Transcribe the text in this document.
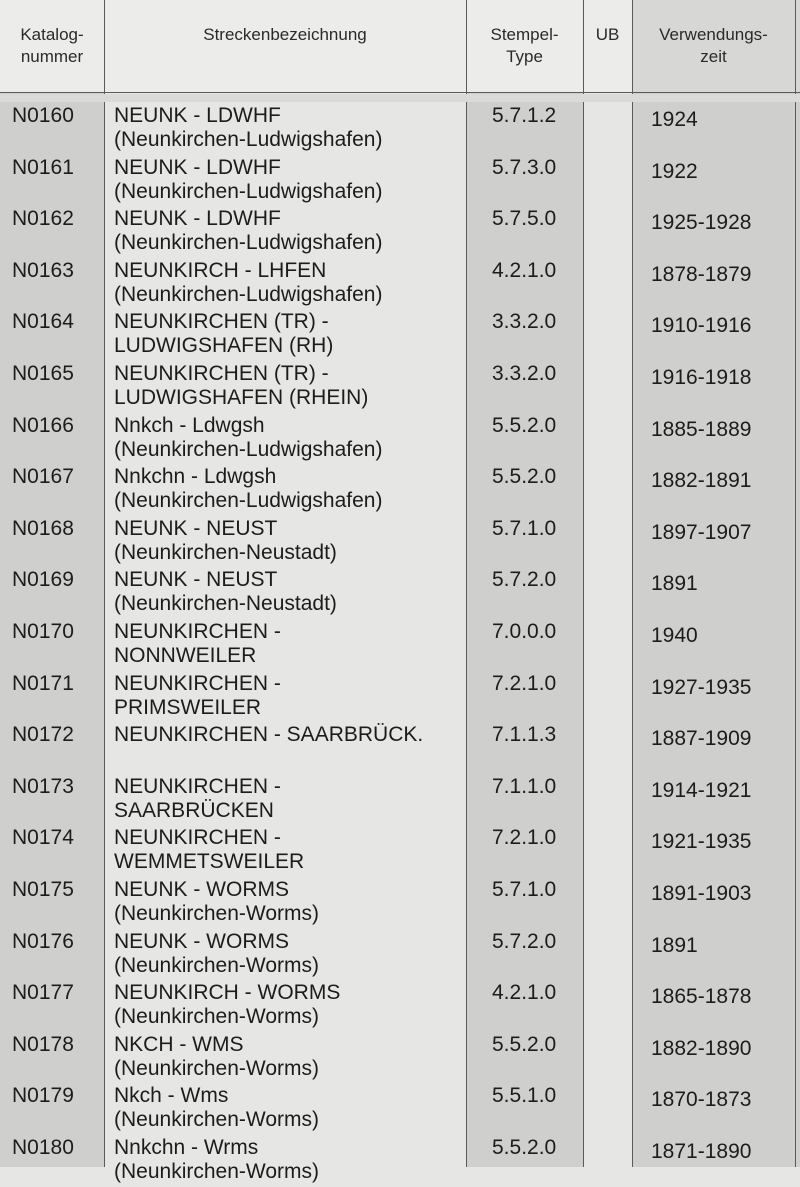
Katalog-
nummer
Streckenbezeichnung	Stempel-
Type
UB Verwendungs-
zeit
N0160 NEUNK - LDWHF
(Neunkirchen-Ludwigshafen)
5.7.1.2	1924
N0161 NEUNK - LDWHF
(Neunkirchen-Ludwigshafen)
5.7.3.0	1922
N0162 NEUNK - LDWHF
(Neunkirchen-Ludwigshafen)
5.7.5.0	1925-1928
N0163 NEUNKIRCH - LHFEN
(Neunkirchen-Ludwigshafen)
4.2.1.0	1878-1879
N0164 NEUNKIRCHEN (TR) -
LUDWIGSHAFEN (RH)
3.3.2.0	1910-1916
N0165 NEUNKIRCHEN (TR) -
LUDWIGSHAFEN (RHEIN)
3.3.2.0	1916-1918
N0166 Nnkch - Ldwgsh
(Neunkirchen-Ludwigshafen)
5.5.2.0	1885-1889
N0167 Nnkchn - Ldwgsh
(Neunkirchen-Ludwigshafen)
5.5.2.0	1882-1891
N0168 NEUNK - NEUST
(Neunkirchen-Neustadt)
5.7.1.0	1897-1907
N0169 NEUNK - NEUST
(Neunkirchen-Neustadt)
5.7.2.0	1891
N0170 NEUNKIRCHEN -
NONNWEILER
7.0.0.0	1940
N0171 NEUNKIRCHEN -
PRIMSWEILER
7.2.1.0	1927-1935
N0172 NEUNKIRCHEN - SAARBRÜCK.	7.1.1.3	1887-1909
N0173 NEUNKIRCHEN -
SAARBRÜCKEN
7.1.1.0	1914-1921
N0174 NEUNKIRCHEN -
WEMMETSWEILER
7.2.1.0	1921-1935
N0175 NEUNK - WORMS
(Neunkirchen-Worms)
5.7.1.0	1891-1903
N0176 NEUNK - WORMS
(Neunkirchen-Worms)
5.7.2.0	1891
N0177 NEUNKIRCH - WORMS
(Neunkirchen-Worms)
4.2.1.0	1865-1878
N0178 NKCH - WMS
(Neunkirchen-Worms)
5.5.2.0	1882-1890
N0179 Nkch - Wms
(Neunkirchen-Worms)
5.5.1.0	1870-1873
N0180 Nnkchn - Wrms
(Neunkirchen-Worms)
5.5.2.0	1871-1890
